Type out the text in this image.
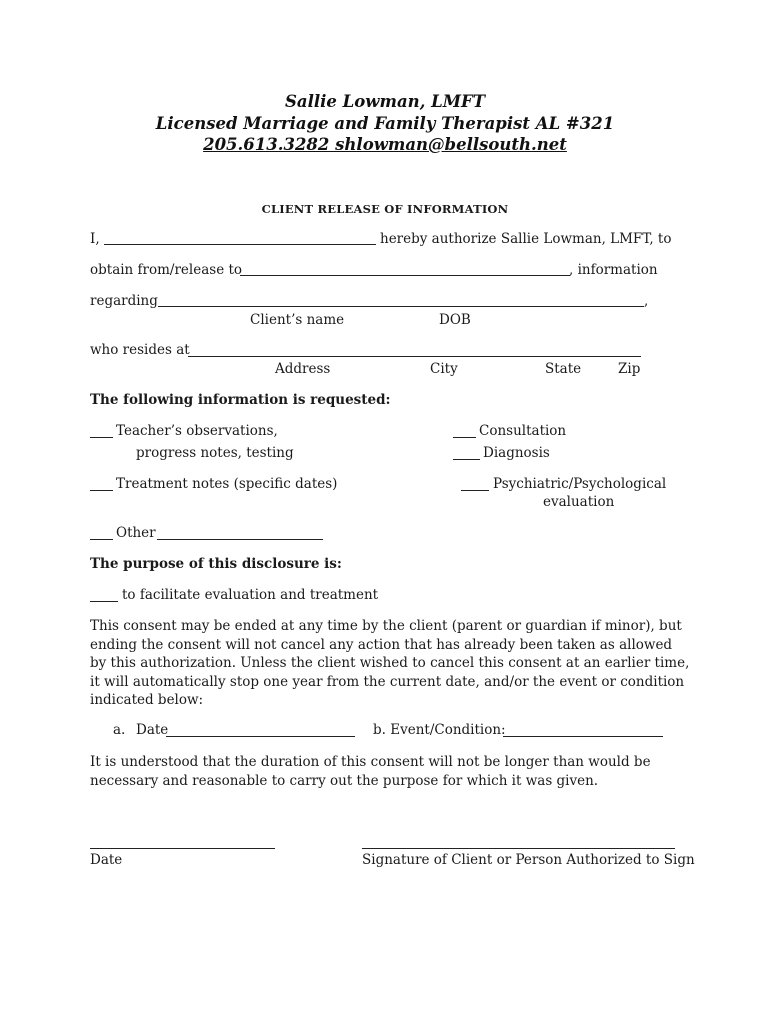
Sallie Lowman, LMFT
Licensed Marriage and Family Therapist AL #321
205.613.3282 shlowman@bellsouth.net
CLIENT RELEASE OF INFORMATION
I,	hereby authorize Sallie Lowman, LMFT, to
obtain from/release to	, information
regarding	,
Client’s name	DOB
who resides at
Address	City	State	Zip
The following information is requested:
Teacher’s observations,
progress notes, testing
Consultation
Diagnosis
Treatment notes (specific dates)	Psychiatric/Psychological
evaluation
Other
The purpose of this disclosure is:
to facilitate evaluation and treatment
This consent may be ended at any time by the client (parent or guardian if minor), but ending the consent will not cancel any action that has already been taken as allowed by this authorization. Unless the client wished to cancel this consent at an earlier time, it will automatically stop one year from the current date, and/or the event or condition indicated below:
a. Date	b. Event/Condition:
It is understood that the duration of this consent will not be longer than would be necessary and reasonable to carry out the purpose for which it was given.
Date	Signature of Client or Person Authorized to Sign
